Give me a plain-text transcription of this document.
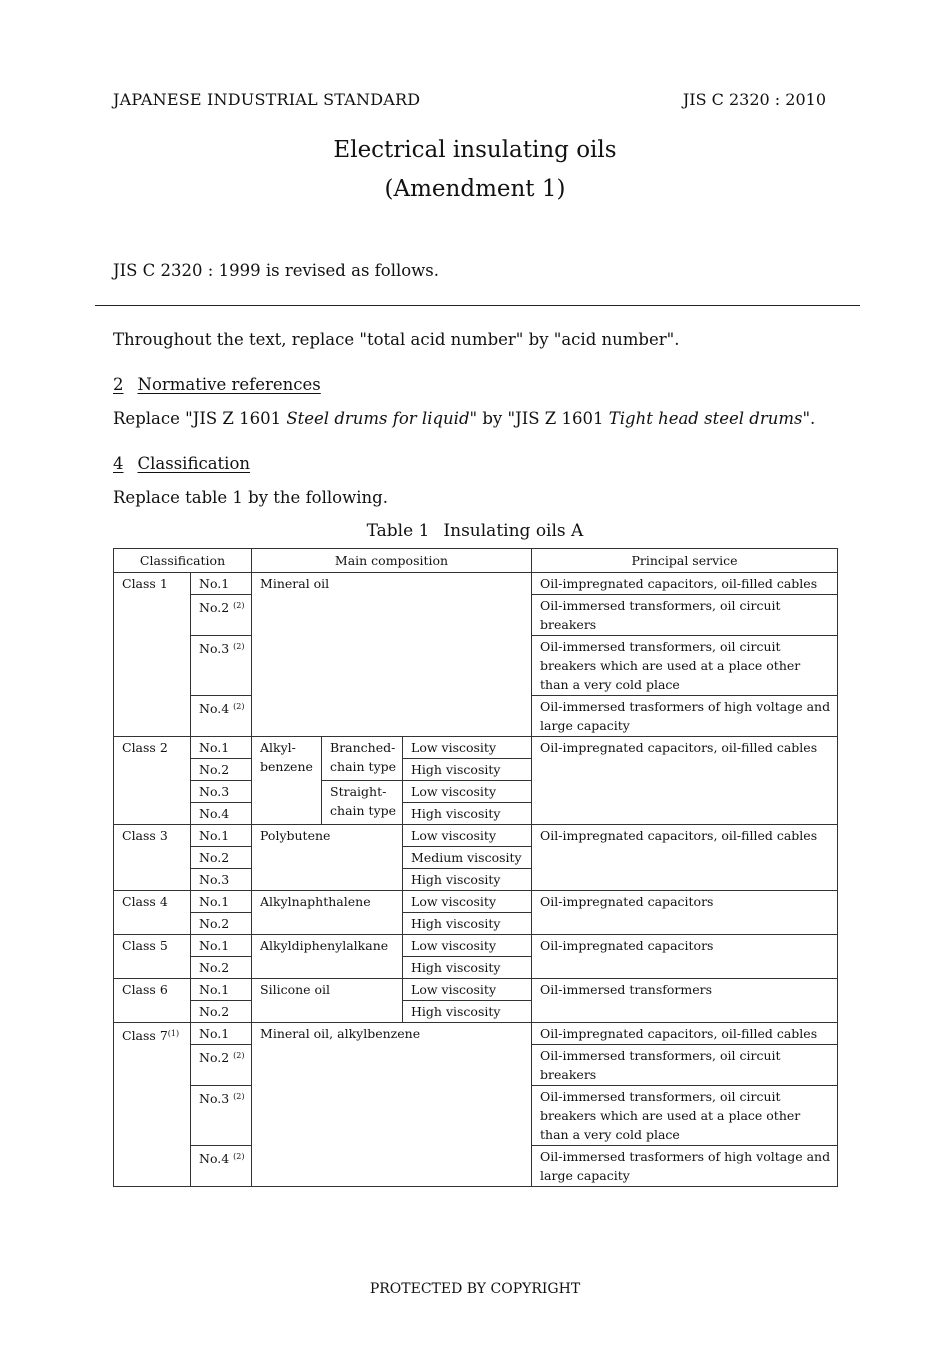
JAPANESE INDUSTRIAL STANDARD	JIS C 2320 : 2010
Electrical insulating oils
(Amendment 1)
JIS C 2320 : 1999 is revised as follows.
Throughout the text, replace "total acid number" by "acid number".
2 Normative references
Replace "JIS Z 1601 Steel drums for liquid" by "JIS Z 1601 Tight head steel drums".
4 Classification
Replace table 1 by the following.
Table 1 Insulating oils A
Classification		Main composition			Principal service
Class 1	No.1	Mineral oil			Oil-impregnated capacitors, oil-filled cables
	No.2 $^{(2)}$				Oil-immersed transformers, oil circuit breakers
	No.3 $^{(2)}$				Oil-immersed transformers, oil circuit breakers which are used at a place other than a very cold place
	No.4 $^{(2)}$				Oil-immersed trasformers of high voltage and large capacity
Class 2	No.1	Alkyl-benzene	Branched-chain type	Low viscosity	Oil-impregnated capacitors, oil-filled cables
	No.2			High viscosity	
	No.3		Straight-chain type	Low viscosity	
	No.4			High viscosity	
Class 3	No.1	Polybutene		Low viscosity	Oil-impregnated capacitors, oil-filled cables
	No.2			Medium viscosity	
	No.3			High viscosity	
Class 4	No.1	Alkylnaphthalene		Low viscosity	Oil-impregnated capacitors
	No.2			High viscosity	
Class 5	No.1	Alkyldiphenylalkane		Low viscosity	Oil-impregnated capacitors
	No.2			High viscosity	
Class 6	No.1	Silicone oil		Low viscosity	Oil-immersed transformers
	No.2			High viscosity	
Class 7$^{(1)}$	No.1	Mineral oil, alkylbenzene			Oil-impregnated capacitors, oil-filled cables
	No.2 $^{(2)}$				Oil-immersed transformers, oil circuit breakers
	No.3 $^{(2)}$				Oil-immersed transformers, oil circuit breakers which are used at a place other than a very cold place
	No.4 $^{(2)}$				Oil-immersed trasformers of high voltage and large capacity
PROTECTED BY COPYRIGHT
